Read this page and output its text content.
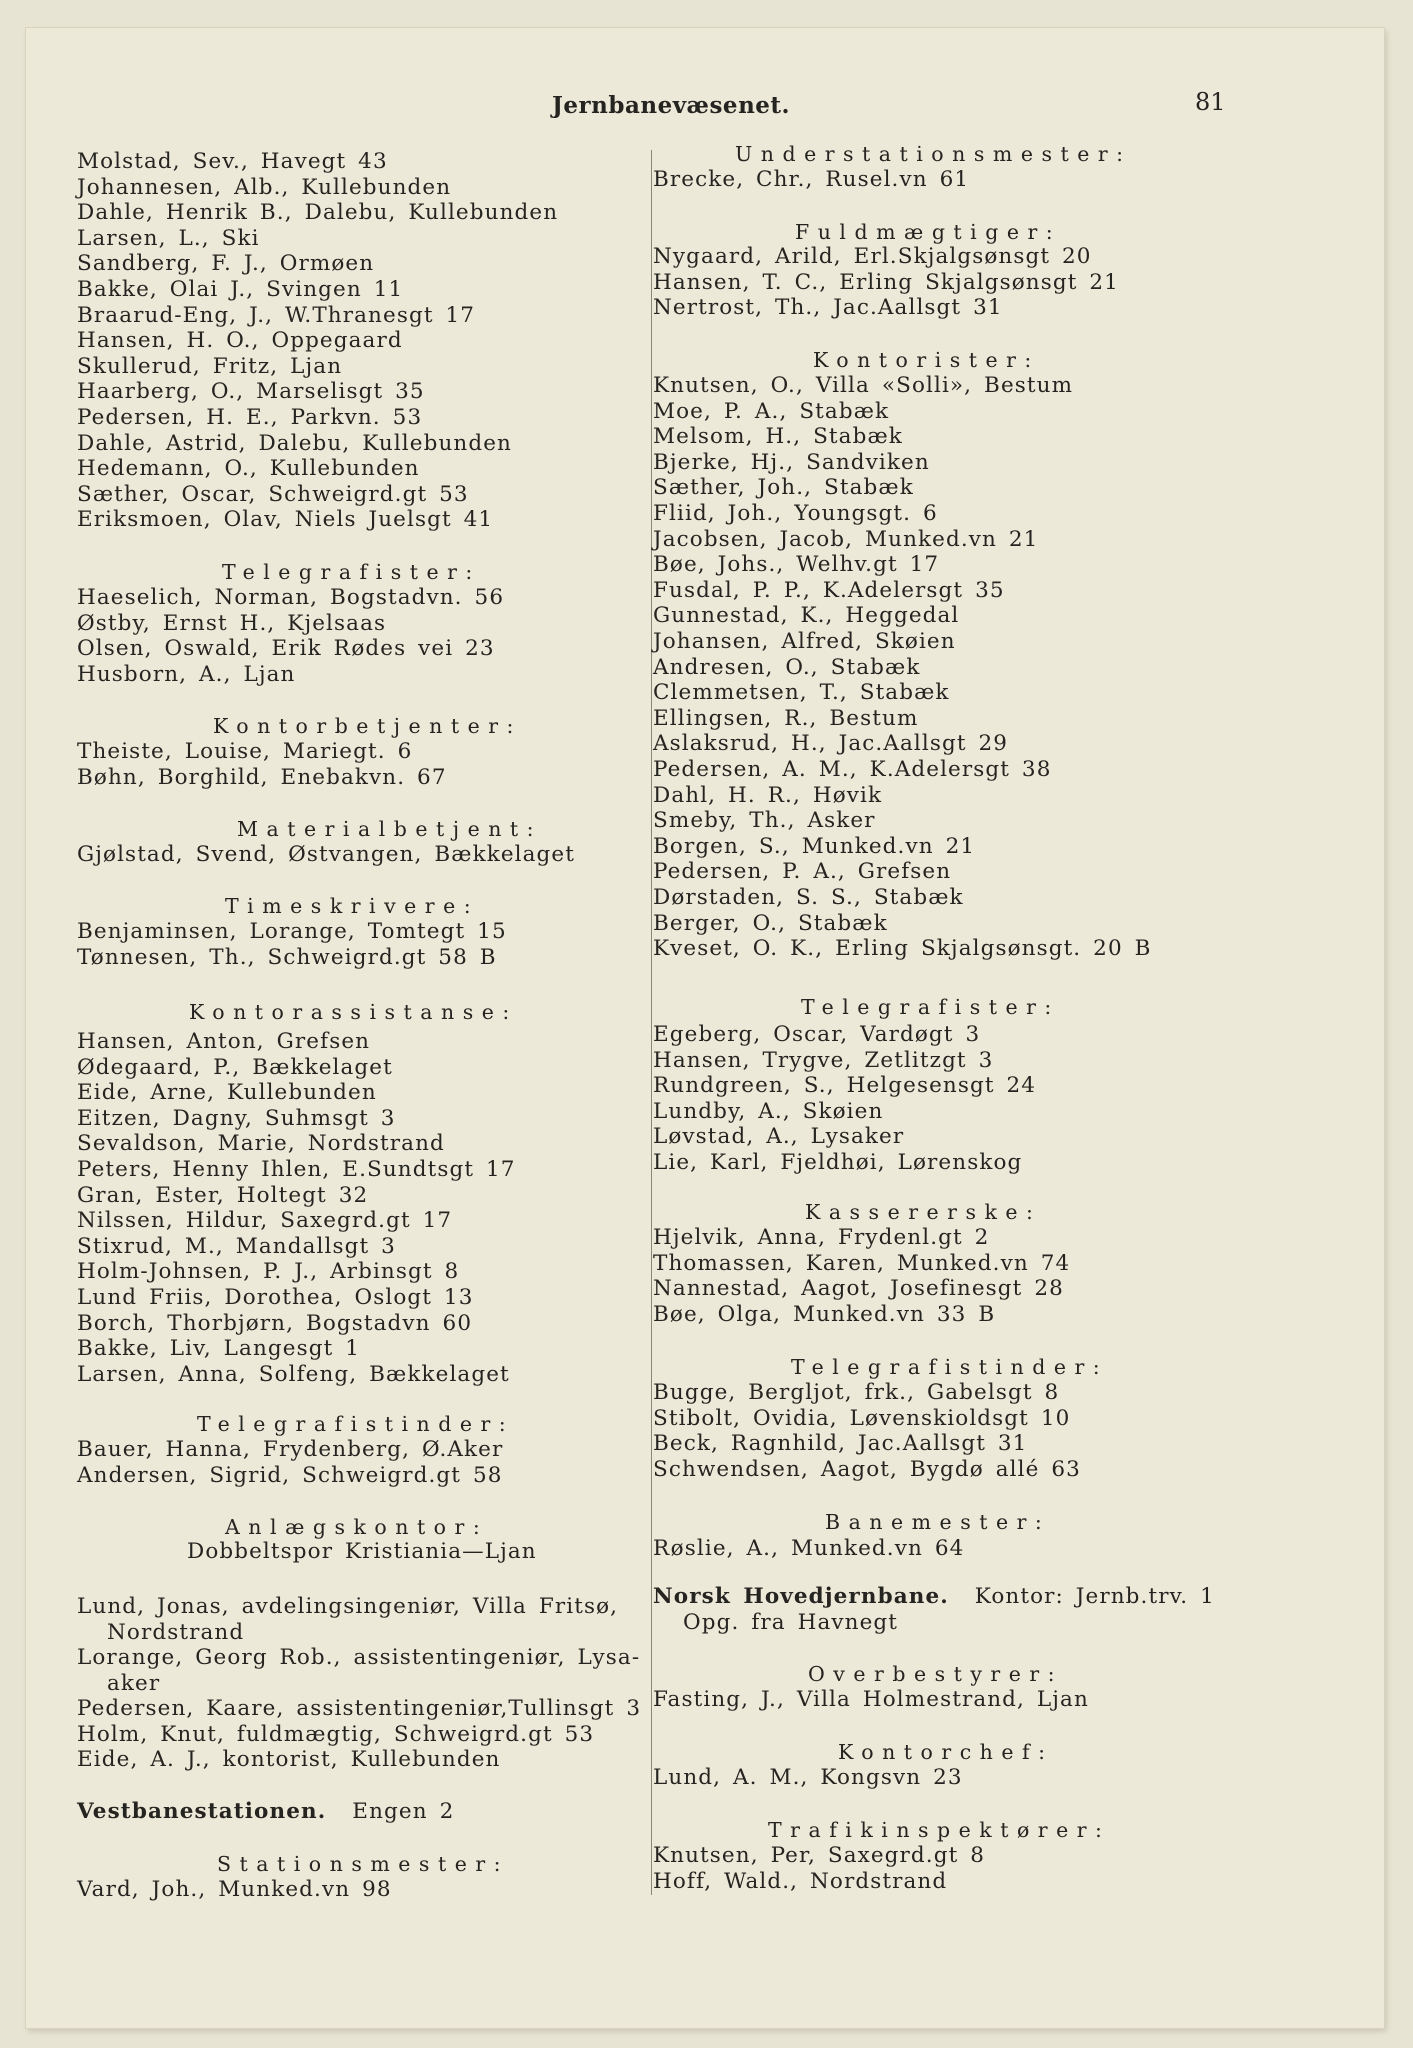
Jernbanevæsenet.	81
Molstad, Sev., Havegt 43
Johannesen, Alb., Kullebunden
Dahle, Henrik B., Dalebu, Kullebunden
Larsen, L., Ski
Sandberg, F. J., Ormøen
Bakke, Olai J., Svingen 11
Braarud-Eng, J., W.Thranesgt 17
Hansen, H. O., Oppegaard
Skullerud, Fritz, Ljan
Haarberg, O., Marselisgt 35
Pedersen, H. E., Parkvn. 53
Dahle, Astrid, Dalebu, Kullebunden
Hedemann, O., Kullebunden
Sæther, Oscar, Schweigrd.gt 53
Eriksmoen, Olav, Niels Juelsgt 41
Telegrafister:
Haeselich, Norman, Bogstadvn. 56
Østby, Ernst H., Kjelsaas
Olsen, Oswald, Erik Rødes vei 23
Husborn, A., Ljan
Kontorbetjenter:
Theiste, Louise, Mariegt. 6
Bøhn, Borghild, Enebakvn. 67
Materialbetjent:
Gjølstad, Svend, Østvangen, Bækkelaget
Timeskrivere:
Benjaminsen, Lorange, Tomtegt 15
Tønnesen, Th., Schweigrd.gt 58 B
Kontorassistanse:
Hansen, Anton, Grefsen
Ødegaard, P., Bækkelaget
Eide, Arne, Kullebunden
Eitzen, Dagny, Suhmsgt 3
Sevaldson, Marie, Nordstrand
Peters, Henny Ihlen, E.Sundtsgt 17
Gran, Ester, Holtegt 32
Nilssen, Hildur, Saxegrd.gt 17
Stixrud, M., Mandallsgt 3
Holm-Johnsen, P. J., Arbinsgt 8
Lund Friis, Dorothea, Oslogt 13
Borch, Thorbjørn, Bogstadvn 60
Bakke, Liv, Langesgt 1
Larsen, Anna, Solfeng, Bækkelaget
Telegrafistinder:
Bauer, Hanna, Frydenberg, Ø.Aker
Andersen, Sigrid, Schweigrd.gt 58
Anlægskontor:
Dobbeltspor Kristiania—Ljan
Lund, Jonas, avdelingsingeniør, Villa Fritsø,
Nordstrand
Lorange, Georg Rob., assistentingeniør, Lysa-
aker
Pedersen, Kaare, assistentingeniør,Tullinsgt 3
Holm, Knut, fuldmægtig, Schweigrd.gt 53
Eide, A. J., kontorist, Kullebunden
Vestbanestationen. Engen 2
Stationsmester:
Vard, Joh., Munked.vn 98
Understationsmester:
Brecke, Chr., Rusel.vn 61
Fuldmægtiger:
Nygaard, Arild, Erl.Skjalgsønsgt 20
Hansen, T. C., Erling Skjalgsønsgt 21
Nertrost, Th., Jac.Aallsgt 31
Kontorister:
Knutsen, O., Villa «Solli», Bestum
Moe, P. A., Stabæk
Melsom, H., Stabæk
Bjerke, Hj., Sandviken
Sæther, Joh., Stabæk
Fliid, Joh., Youngsgt. 6
Jacobsen, Jacob, Munked.vn 21
Bøe, Johs., Welhv.gt 17
Fusdal, P. P., K.Adelersgt 35
Gunnestad, K., Heggedal
Johansen, Alfred, Skøien
Andresen, O., Stabæk
Clemmetsen, T., Stabæk
Ellingsen, R., Bestum
Aslaksrud, H., Jac.Aallsgt 29
Pedersen, A. M., K.Adelersgt 38
Dahl, H. R., Høvik
Smeby, Th., Asker
Borgen, S., Munked.vn 21
Pedersen, P. A., Grefsen
Dørstaden, S. S., Stabæk
Berger, O., Stabæk
Kveset, O. K., Erling Skjalgsønsgt. 20 B
Telegrafister:
Egeberg, Oscar, Vardøgt 3
Hansen, Trygve, Zetlitzgt 3
Rundgreen, S., Helgesensgt 24
Lundby, A., Skøien
Løvstad, A., Lysaker
Lie, Karl, Fjeldhøi, Lørenskog
Kassererske:
Hjelvik, Anna, Frydenl.gt 2
Thomassen, Karen, Munked.vn 74
Nannestad, Aagot, Josefinesgt 28
Bøe, Olga, Munked.vn 33 B
Telegrafistinder:
Bugge, Bergljot, frk., Gabelsgt 8
Stibolt, Ovidia, Løvenskioldsgt 10
Beck, Ragnhild, Jac.Aallsgt 31
Schwendsen, Aagot, Bygdø allé 63
Banemester:
Røslie, A., Munked.vn 64
Norsk Hovedjernbane. Kontor: Jernb.trv. 1
Opg. fra Havnegt
Overbestyrer:
Fasting, J., Villa Holmestrand, Ljan
Kontorchef:
Lund, A. M., Kongsvn 23
Trafikinspektører:
Knutsen, Per, Saxegrd.gt 8
Hoff, Wald., Nordstrand
